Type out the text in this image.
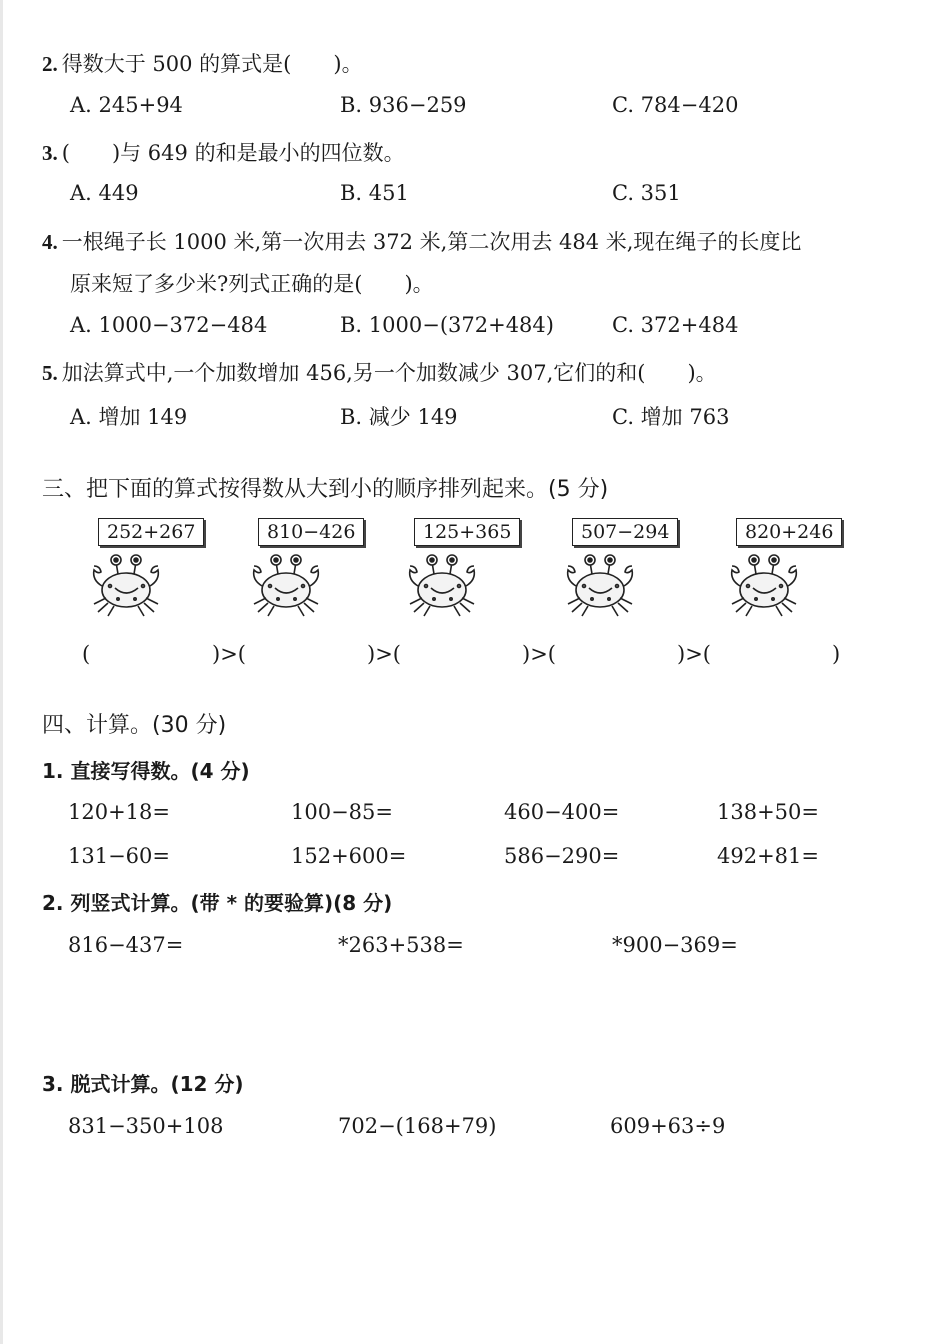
2. 得数大于 500 的算式是(　　)。
A. 245+94	B. 936−259	C. 784−420
3. (　　)与 649 的和是最小的四位数。
A. 449	B. 451	C. 351
4. 一根绳子长 1000 米,第一次用去 372 米,第二次用去 484 米,现在绳子的长度比
原来短了多少米?列式正确的是(　　)。
A. 1000−372−484	B. 1000−(372+484)	C. 372+484
5. 加法算式中,一个加数增加 456,另一个加数减少 307,它们的和(　　)。
A. 增加 149	B. 减少 149	C. 增加 763
三、把下面的算式按得数从大到小的顺序排列起来。(5 分)
252+267	810−426	125+365	507−294	820+246
(	)>(	)>(	)>(	)>(	)
四、计算。(30 分)
1. 直接写得数。(4 分)
120+18=	100−85=	460−400=	138+50=
131−60=	152+600=	586−290=	492+81=
2. 列竖式计算。(带 * 的要验算)(8 分)
816−437=	*263+538=	*900−369=
3. 脱式计算。(12 分)
831−350+108	702−(168+79)	609+63÷9
